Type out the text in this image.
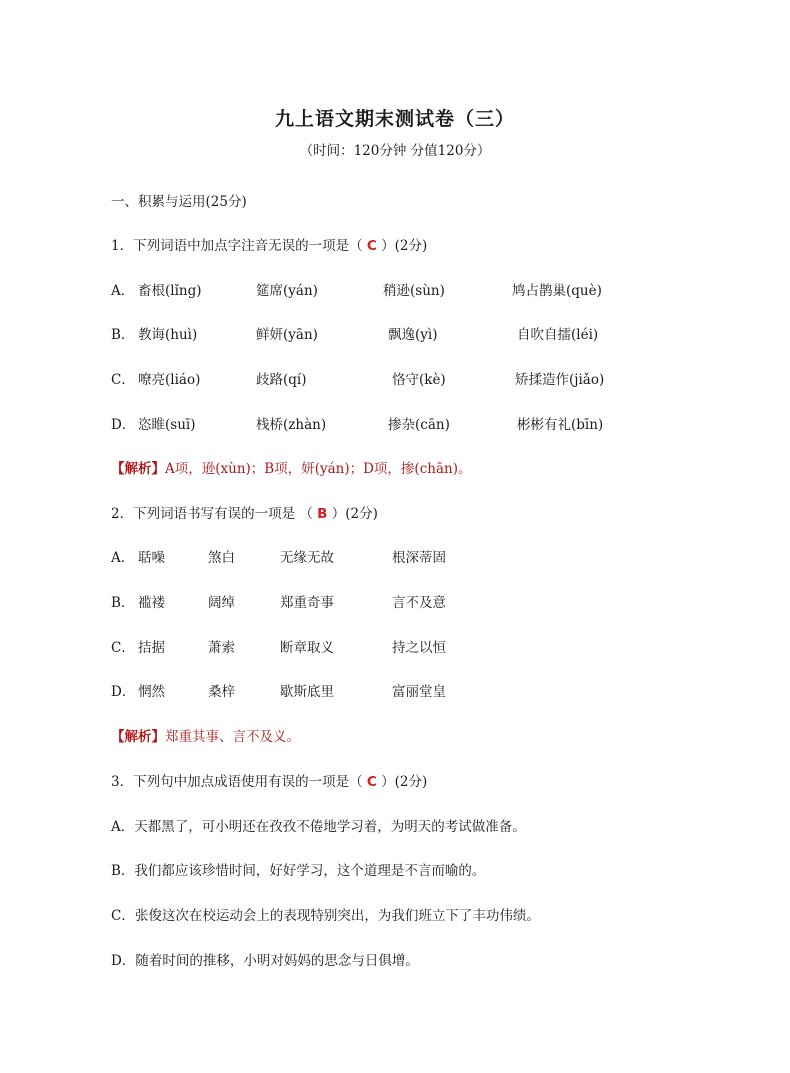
九上语文期末测试卷（三）
（时间：120分钟 分值120分）
一、积累与运用(25分)
1．下列词语中加点字注音无误的一项是（ C ）(2分)
A． 畜根(lǐng)	筵席(yán)	稍逊(sùn)	鸠占鹊巢(què)
B． 教诲(huì)	鲜妍(yān)	飘逸(yì)	自吹自擂(léi)
C． 嘹亮(liáo)	歧路(qí)	恪守(kè)	矫揉造作(jiǎo)
D． 恣睢(suī)	栈桥(zhàn)	掺杂(cān)	彬彬有礼(bīn)
【解析】A项，逊(xùn)；B项，妍(yán)；D项，掺(chān)。
2．下列词语书写有误的一项是 （ B ）(2分)
A． 聒噪	煞白	无缘无故	根深蒂固
B． 褴褛	阔绰	郑重奇事	言不及意
C． 拮据	萧索	断章取义	持之以恒
D． 惘然	桑梓	歇斯底里	富丽堂皇
【解析】郑重其事、言不及义。
3．下列句中加点成语使用有误的一项是（ C ）(2分)
A．天都黑了，可小明还在孜孜不倦地学习着，为明天的考试做准备。
B．我们都应该珍惜时间，好好学习，这个道理是不言而喻的。
C．张俊这次在校运动会上的表现特别突出，为我们班立下了丰功伟绩。
D．随着时间的推移，小明对妈妈的思念与日俱增。
